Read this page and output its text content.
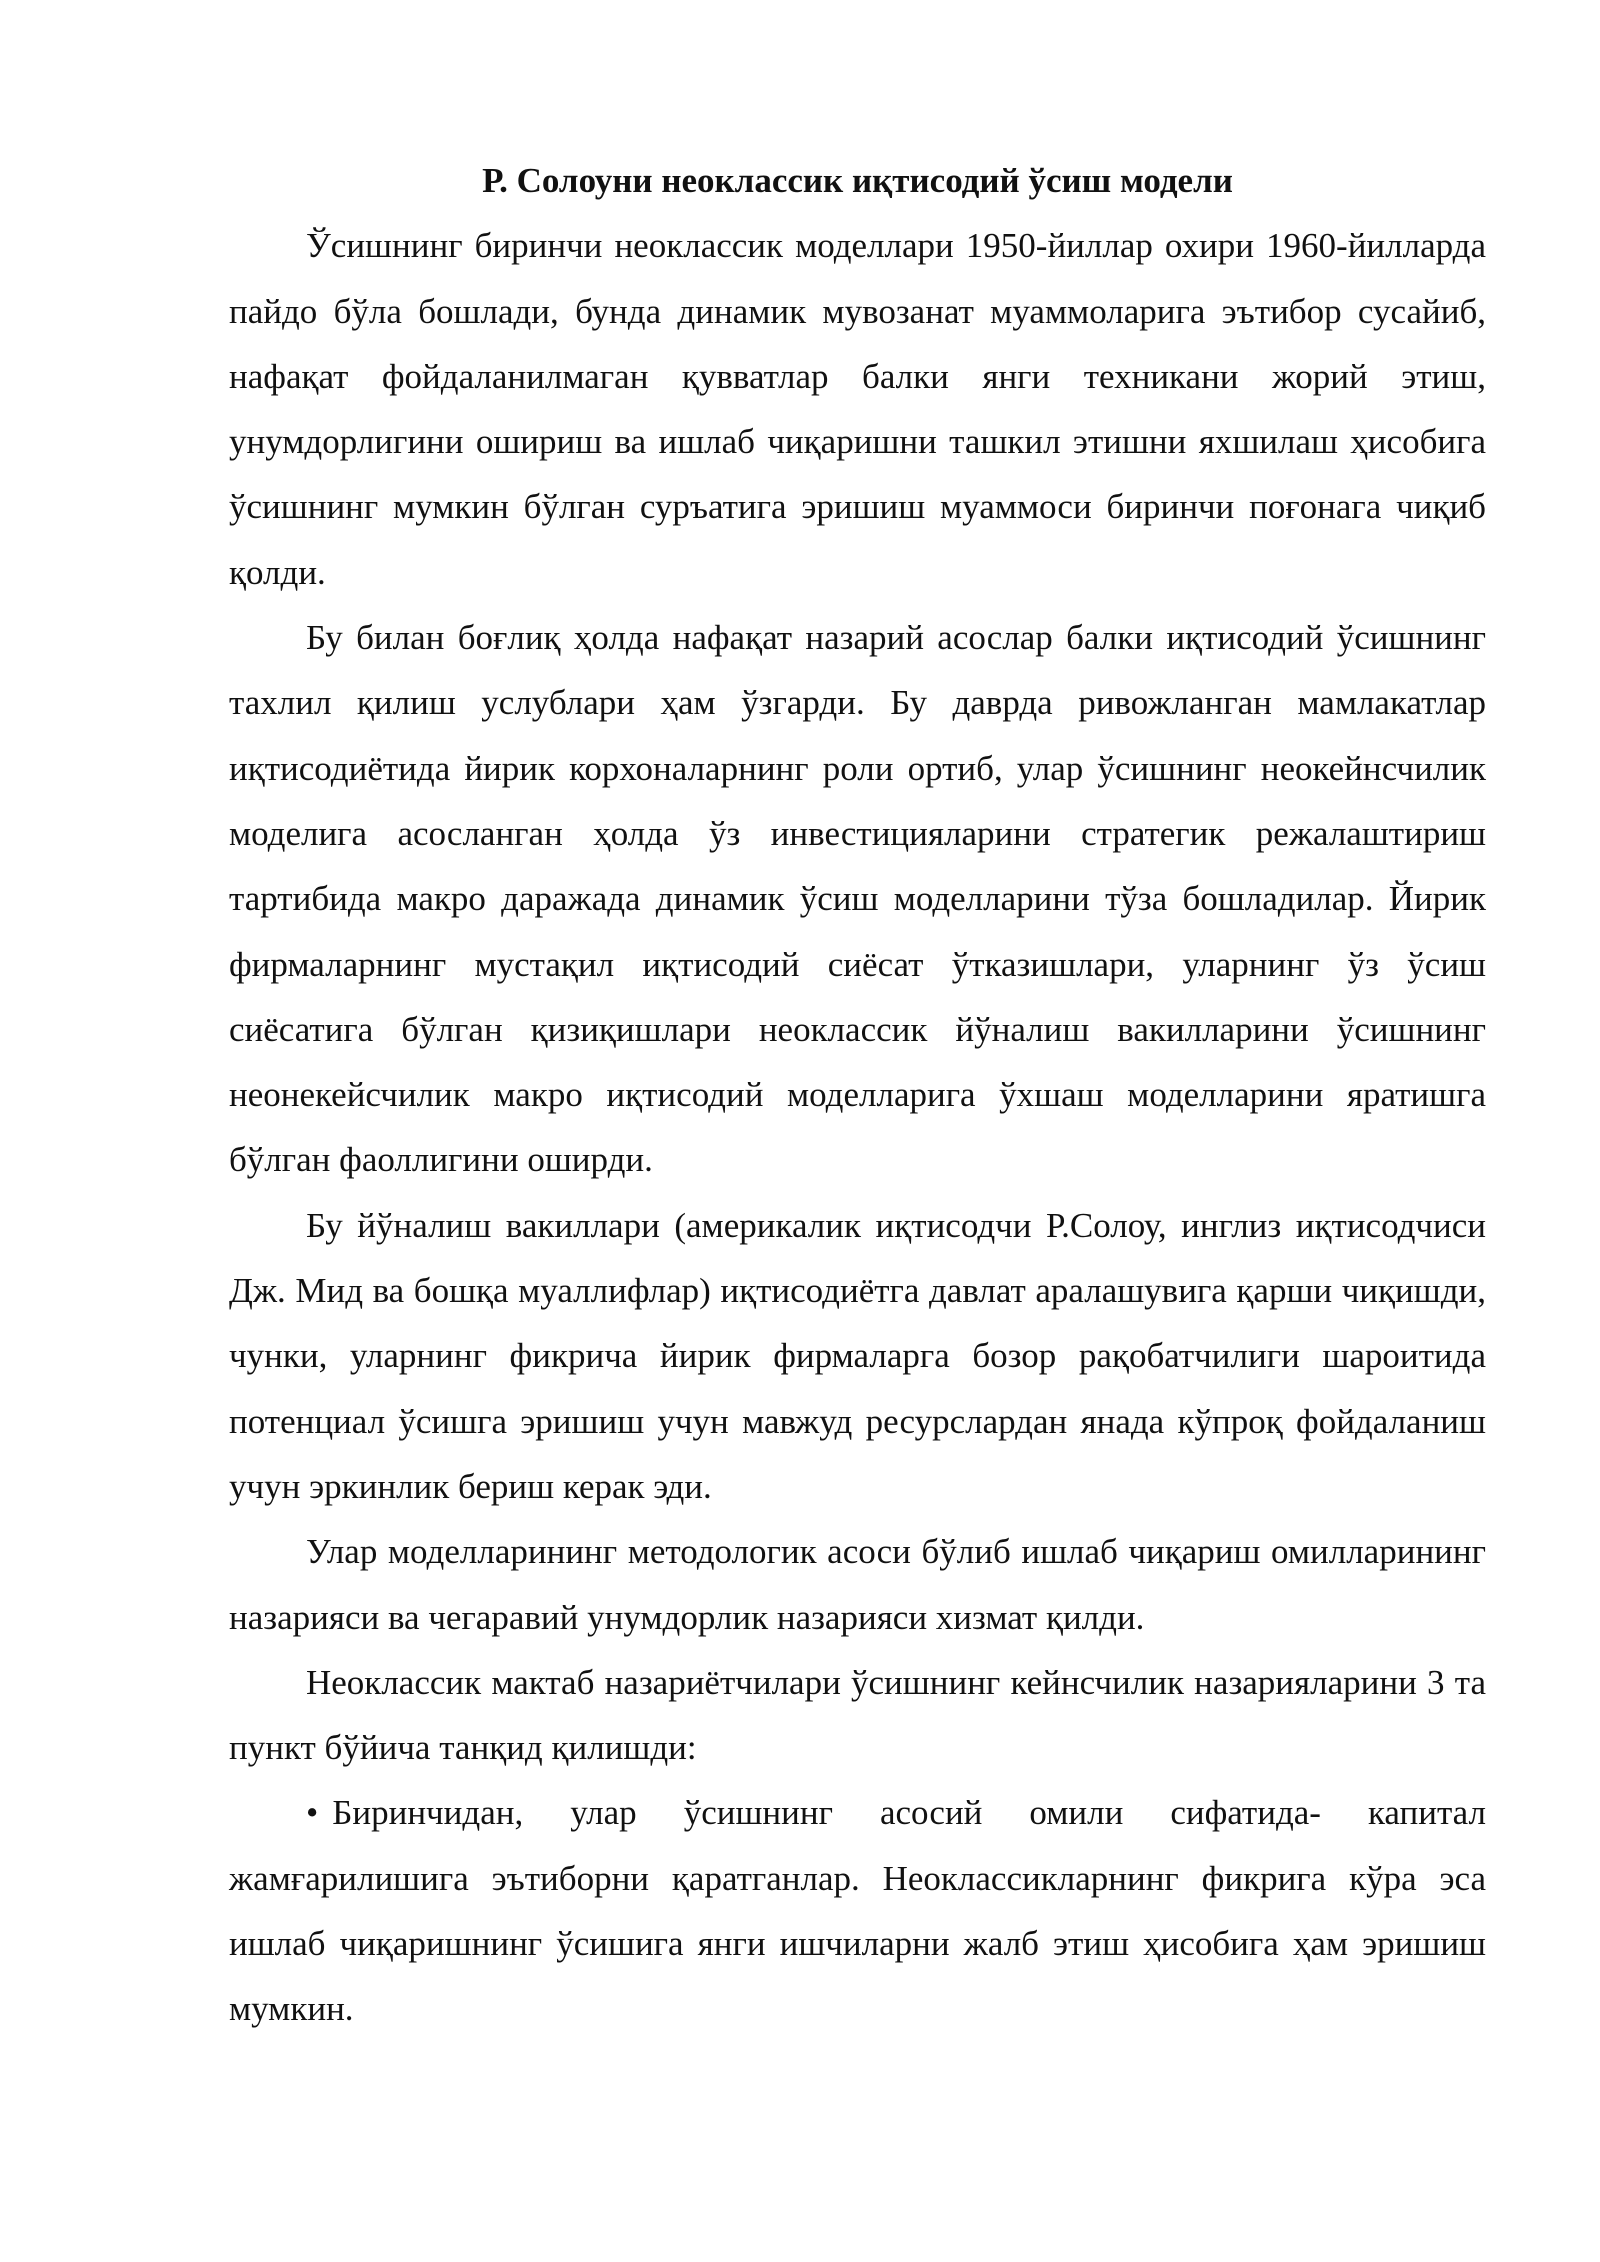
Р. Солоуни неоклассик иқтисодий ўсиш модели

Ўсишнинг биринчи неоклассик моделлари 1950-йиллар охири 1960-йилларда пайдо бўла бошлади, бунда динамик мувозанат муаммоларига эътибор сусайиб, нафақат фойдаланилмаган қувватлар балки янги техникани жорий этиш, унумдорлигини ошириш ва ишлаб чиқаришни ташкил этишни яхшилаш ҳисобига ўсишнинг мумкин бўлган суръатига эришиш муаммоси биринчи поғонага чиқиб қолди.

Бу билан боғлиқ ҳолда нафақат назарий асослар балки иқтисодий ўсишнинг тахлил қилиш услублари ҳам ўзгарди. Бу даврда ривожланган мамлакатлар иқтисодиётида йирик корхоналарнинг роли ортиб, улар ўсишнинг неокейнсчилик моделига асосланган ҳолда ўз инвестицияларини стратегик режалаштириш тартибида макро даражада динамик ўсиш моделларини тўза бошладилар. Йирик фирмаларнинг мустақил иқтисодий сиёсат ўтказишлари, уларнинг ўз ўсиш сиёсатига бўлган қизиқишлари неоклассик йўналиш вакилларини ўсишнинг неонекейсчилик макро иқтисодий моделларига ўхшаш моделларини яратишга бўлган фаоллигини оширди.

Бу йўналиш вакиллари (америкалик иқтисодчи Р.Солоу, инглиз иқтисодчиси Дж. Мид ва бошқа муаллифлар) иқтисодиётга давлат аралашувига қарши чиқишди, чунки, уларнинг фикрича йирик фирмаларга бозор рақобатчилиги шароитида потенциал ўсишга эришиш учун мавжуд ресурслардан янада кўпроқ фойдаланиш учун эркинлик бериш керак эди.

Улар моделларининг методологик асоси бўлиб ишлаб чиқариш омилларининг назарияси ва чегаравий унумдорлик назарияси хизмат қилди.

Неоклассик мактаб назариётчилари ўсишнинг кейнсчилик назарияларини 3 та пункт бўйича танқид қилишди:

• Биринчидан, улар ўсишнинг асосий омили сифатида- капитал жамғарилишига эътиборни қаратганлар. Неоклассикларнинг фикрига кўра эса ишлаб чиқаришнинг ўсишига янги ишчиларни жалб этиш ҳисобига ҳам эришиш мумкин.
